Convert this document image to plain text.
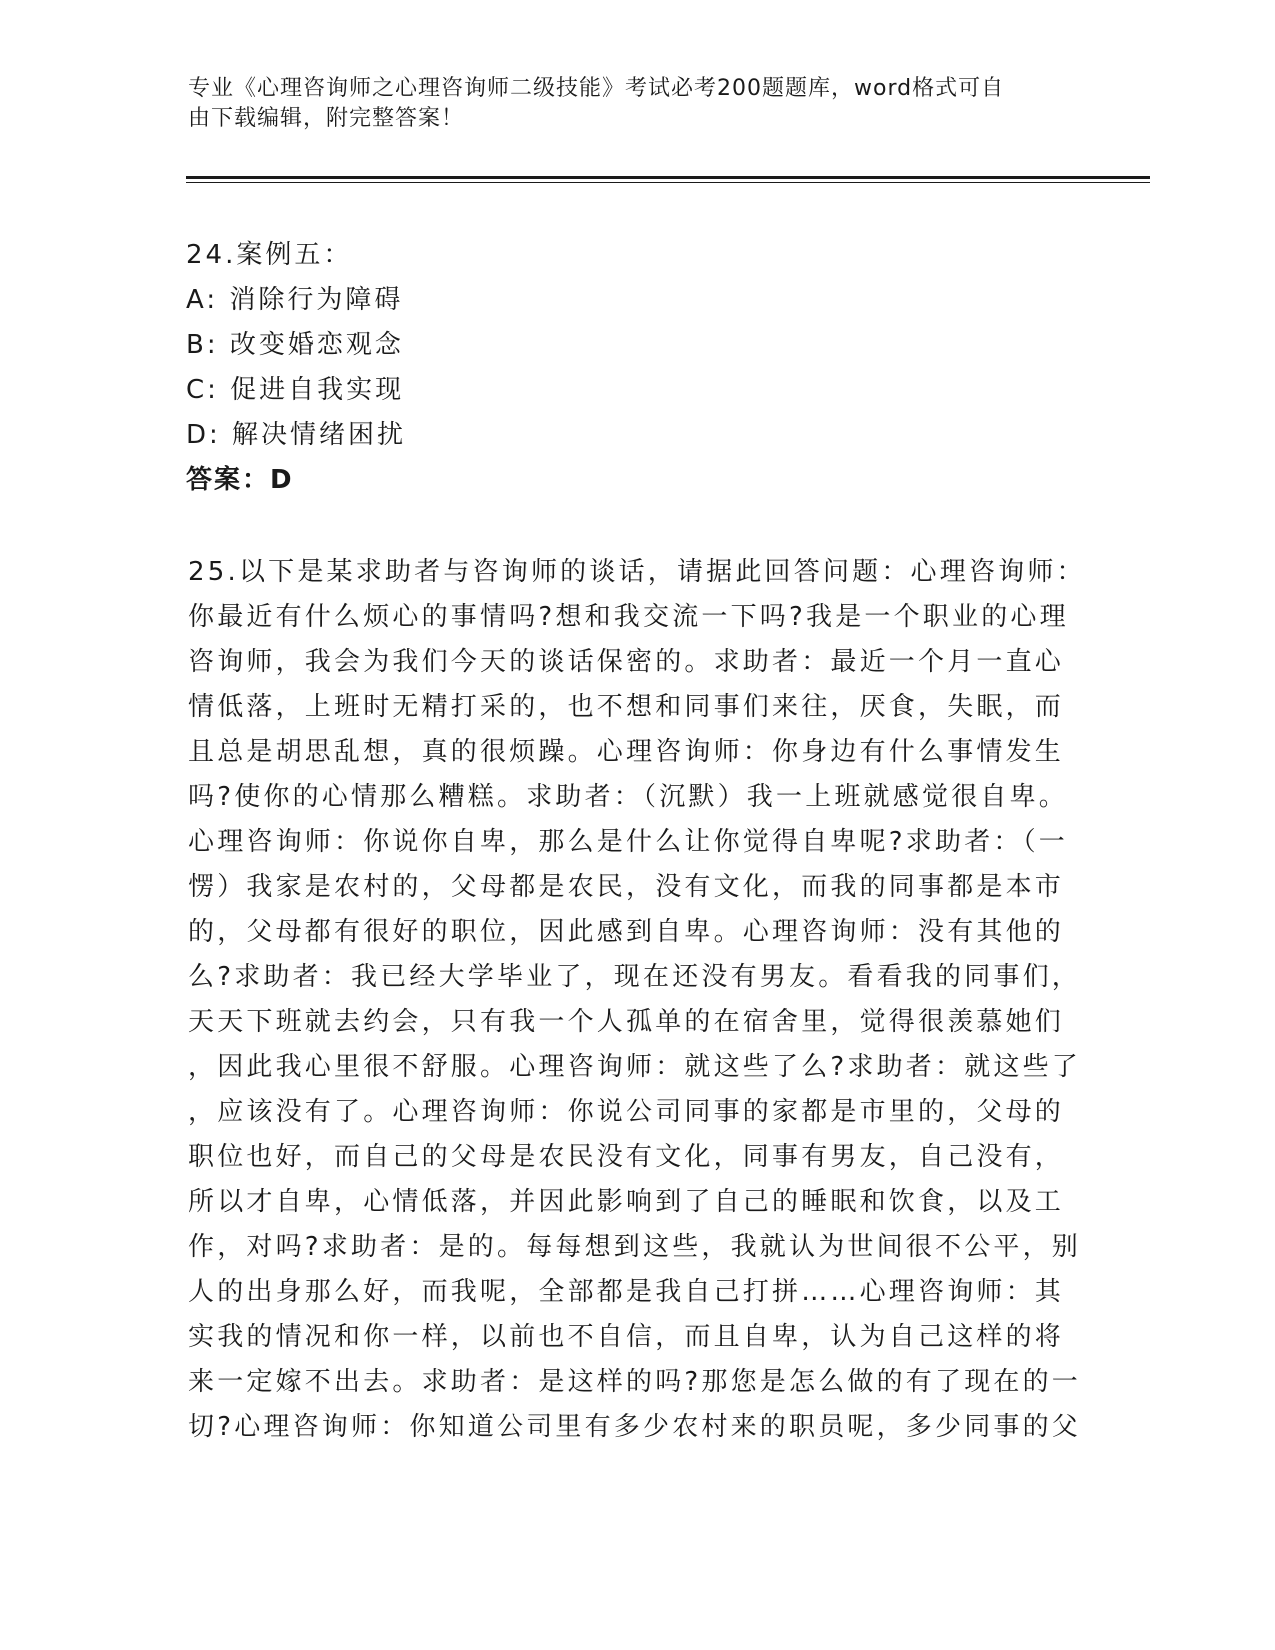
专业《心理咨询师之心理咨询师二级技能》考试必考200题题库，word格式可自
由下载编辑，附完整答案！
24.案例五：
A: 消除行为障碍
B: 改变婚恋观念
C: 促进自我实现
D: 解决情绪困扰
答案：D
25.以下是某求助者与咨询师的谈话，请据此回答问题：心理咨询师：
你最近有什么烦心的事情吗?想和我交流一下吗?我是一个职业的心理
咨询师，我会为我们今天的谈话保密的。求助者：最近一个月一直心
情低落，上班时无精打采的，也不想和同事们来往，厌食，失眠，而
且总是胡思乱想，真的很烦躁。心理咨询师：你身边有什么事情发生
吗?使你的心情那么糟糕。求助者：（沉默）我一上班就感觉很自卑。
心理咨询师：你说你自卑，那么是什么让你觉得自卑呢?求助者：（一
愣）我家是农村的，父母都是农民，没有文化，而我的同事都是本市
的，父母都有很好的职位，因此感到自卑。心理咨询师：没有其他的
么?求助者：我已经大学毕业了，现在还没有男友。看看我的同事们，
天天下班就去约会，只有我一个人孤单的在宿舍里，觉得很羡慕她们
，因此我心里很不舒服。心理咨询师：就这些了么?求助者：就这些了
，应该没有了。心理咨询师：你说公司同事的家都是市里的，父母的
职位也好，而自己的父母是农民没有文化，同事有男友，自己没有，
所以才自卑，心情低落，并因此影响到了自己的睡眠和饮食，以及工
作，对吗?求助者：是的。每每想到这些，我就认为世间很不公平，别
人的出身那么好，而我呢，全部都是我自己打拼……心理咨询师：其
实我的情况和你一样，以前也不自信，而且自卑，认为自己这样的将
来一定嫁不出去。求助者：是这样的吗?那您是怎么做的有了现在的一
切?心理咨询师：你知道公司里有多少农村来的职员呢，多少同事的父
